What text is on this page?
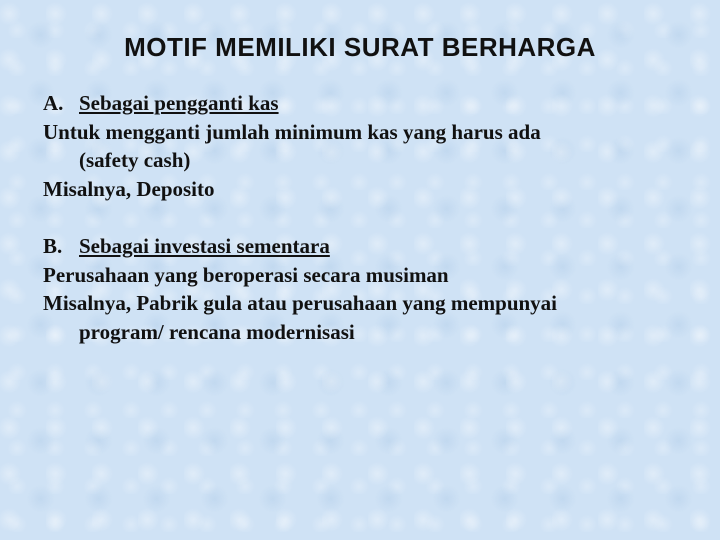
MOTIF MEMILIKI SURAT BERHARGA
A. Sebagai pengganti kas
Untuk mengganti jumlah minimum kas yang harus ada
(safety cash)
Misalnya, Deposito
B. Sebagai investasi sementara
Perusahaan yang beroperasi secara musiman
Misalnya, Pabrik gula atau perusahaan yang mempunyai
program/ rencana modernisasi
